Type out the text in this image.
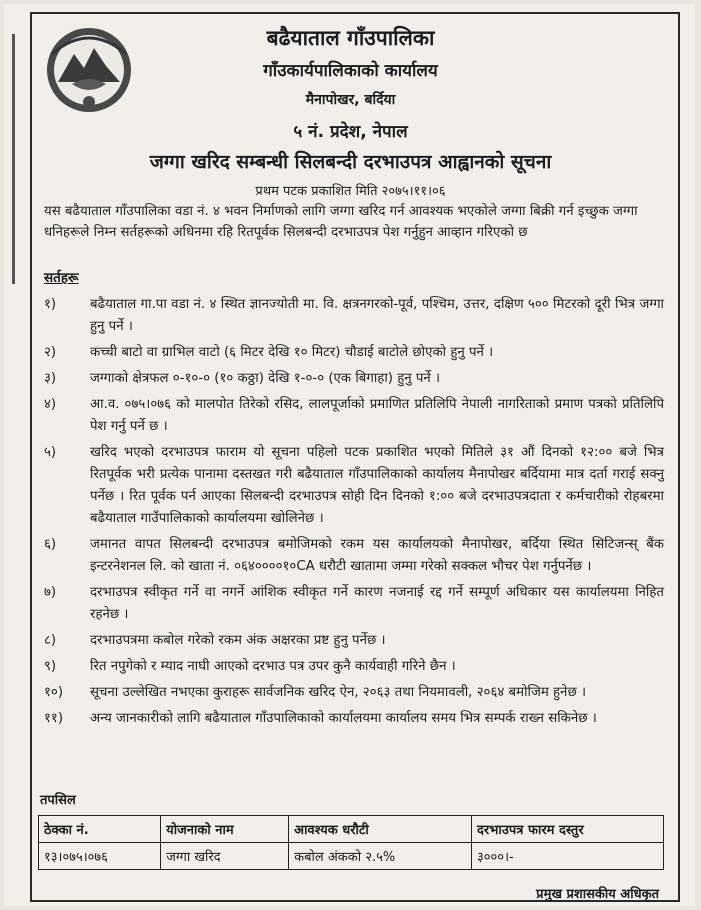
बढैयाताल गाँउपालिका
गाँउकार्यपालिकाको कार्यालय
मैनापोखर, बर्दिया
५ नं. प्रदेश, नेपाल
जग्गा खरिद सम्बन्धी सिलबन्दी दरभाउपत्र आह्वानको सूचना
प्रथम पटक प्रकाशित मिति २०७५।११।०६
यस बढैयाताल गाँउपालिका वडा नं. ४ भवन निर्माणको लागि जग्गा खरिद गर्न आवश्यक भएकोले जग्गा बिक्री गर्न इच्छुक जग्गा धनिहरूले निम्न सर्तहरूको अधिनमा रहि रितपूर्वक सिलबन्दी दरभाउपत्र पेश गर्नुहुन आव्हान गरिएको छ
सर्तहरू
१)	बढैयाताल गा.पा वडा नं. ४ स्थित ज्ञानज्योती मा. वि. क्षत्रनगरको-पूर्व, पश्चिम, उत्तर, दक्षिण ५०० मिटरको दूरी भित्र जग्गा हुनु पर्ने ।
२)	कच्ची बाटो वा ग्राभिल वाटो (६ मिटर देखि १० मिटर) चौडाई बाटोले छोएको हुनु पर्ने ।
३)	जग्गाको क्षेत्रफल ०-१०-० (१० कठ्ठा) देखि १-०-० (एक बिगाहा) हुनु पर्ने ।
४)	आ.व. ०७५।०७६ को मालपोत तिरेको रसिद, लालपूर्जाको प्रमाणित प्रतिलिपि नेपाली नागरिताको प्रमाण पत्रको प्रतिलिपि पेश गर्नु पर्ने छ ।
५)	खरिद भएको दरभाउपत्र फाराम यो सूचना पहिलो पटक प्रकाशित भएको मितिले ३१ औं दिनको १२:०० बजे भित्र रितपूर्वक भरी प्रत्येक पानामा दस्तखत गरी बढैयाताल गाँउपालिकाको कार्यालय मैनापोखर बर्दियामा मात्र दर्ता गराई सक्नु पर्नेछ । रित पूर्वक पर्न आएका सिलबन्दी दरभाउपत्र सोही दिन दिनको १:०० बजे दरभाउपत्रदाता र कर्मचारीको रोहबरमा बढैयाताल गाउँपालिकाको कार्यालयमा खोलिनेछ ।
६)	जमानत वापत सिलबन्दी दरभाउपत्र बमोजिमको रकम यस कार्यालयको मैनापोखर, बर्दिया स्थित सिटिजन्स् बैंक इन्टरनेशनल लि. को खाता नं. ०६४००००१०CA धरौटी खातामा जम्मा गरेको सक्कल भौचर पेश गर्नुपर्नेछ ।
७)	दरभाउपत्र स्वीकृत गर्ने वा नगर्ने आंशिक स्वीकृत गर्ने कारण नजनाई रद्द गर्ने सम्पूर्ण अधिकार यस कार्यालयमा निहित रहनेछ ।
८)	दरभाउपत्रमा कबोल गरेको रकम अंक अक्षरका प्रष्ट हुनु पर्नेछ ।
९)	रित नपुगेको र म्याद नाघी आएको दरभाउ पत्र उपर कुनै कार्यवाही गरिने छैन ।
१०)	सूचना उल्लेखित नभएका कुराहरू सार्वजनिक खरिद ऐन, २०६३ तथा नियमावली, २०६४ बमोजिम हुनेछ ।
११)	अन्य जानकारीको लागि बढैयाताल गाँउपालिकाको कार्यालयमा कार्यालय समय भित्र सम्पर्क राख्न सकिनेछ ।
तपसिल
ठेक्का नं.	योजनाको नाम	आवश्यक धरौटी	दरभाउपत्र फारम दस्तुर
१३।०७५।०७६	जग्गा खरिद	कबोल अंकको २.५%	३०००।-
प्रमुख प्रशासकीय अधिकृत
